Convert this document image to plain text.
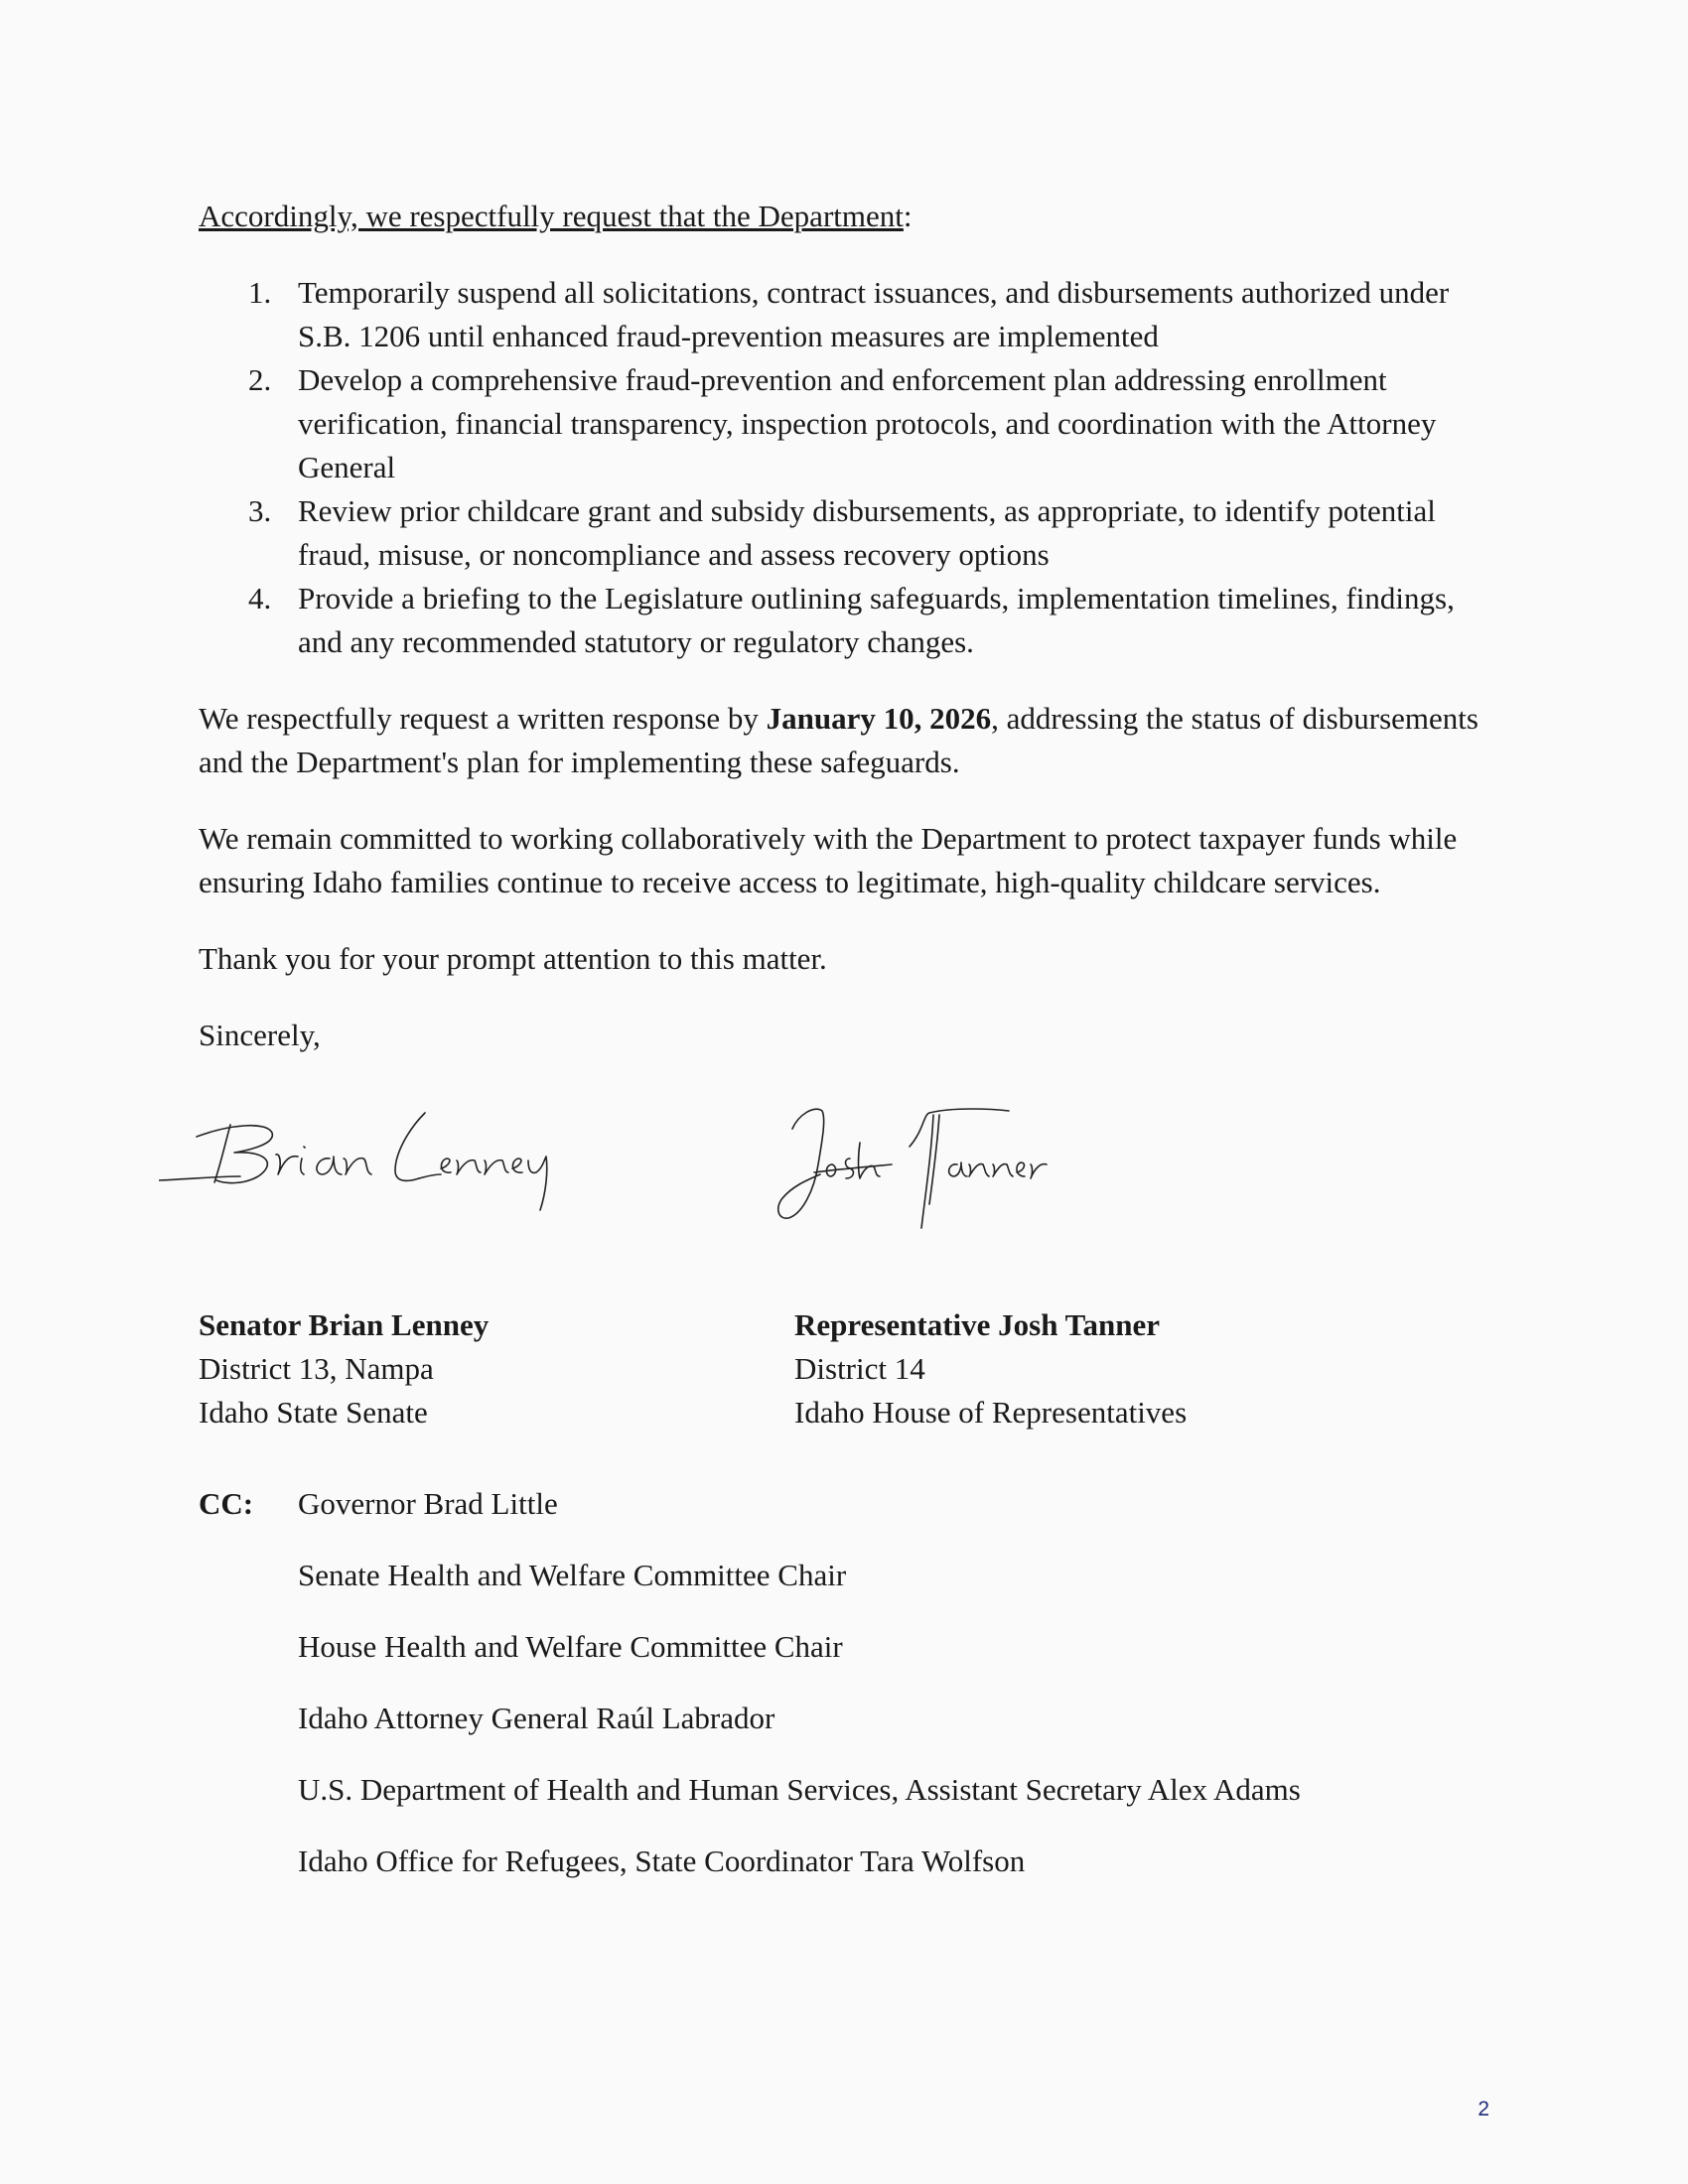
Accordingly, we respectfully request that the Department:

1. Temporarily suspend all solicitations, contract issuances, and disbursements authorized under S.B. 1206 until enhanced fraud-prevention measures are implemented
2. Develop a comprehensive fraud-prevention and enforcement plan addressing enrollment verification, financial transparency, inspection protocols, and coordination with the Attorney General
3. Review prior childcare grant and subsidy disbursements, as appropriate, to identify potential fraud, misuse, or noncompliance and assess recovery options
4. Provide a briefing to the Legislature outlining safeguards, implementation timelines, findings, and any recommended statutory or regulatory changes.

We respectfully request a written response by January 10, 2026, addressing the status of disbursements and the Department's plan for implementing these safeguards.

We remain committed to working collaboratively with the Department to protect taxpayer funds while ensuring Idaho families continue to receive access to legitimate, high-quality childcare services.

Thank you for your prompt attention to this matter.

Sincerely,

Senator Brian Lenney
District 13, Nampa
Idaho State Senate
Representative Josh Tanner
District 14
Idaho House of Representatives
CC: Governor Brad Little
Senate Health and Welfare Committee Chair
House Health and Welfare Committee Chair
Idaho Attorney General Raúl Labrador
U.S. Department of Health and Human Services, Assistant Secretary Alex Adams
Idaho Office for Refugees, State Coordinator Tara Wolfson
2
